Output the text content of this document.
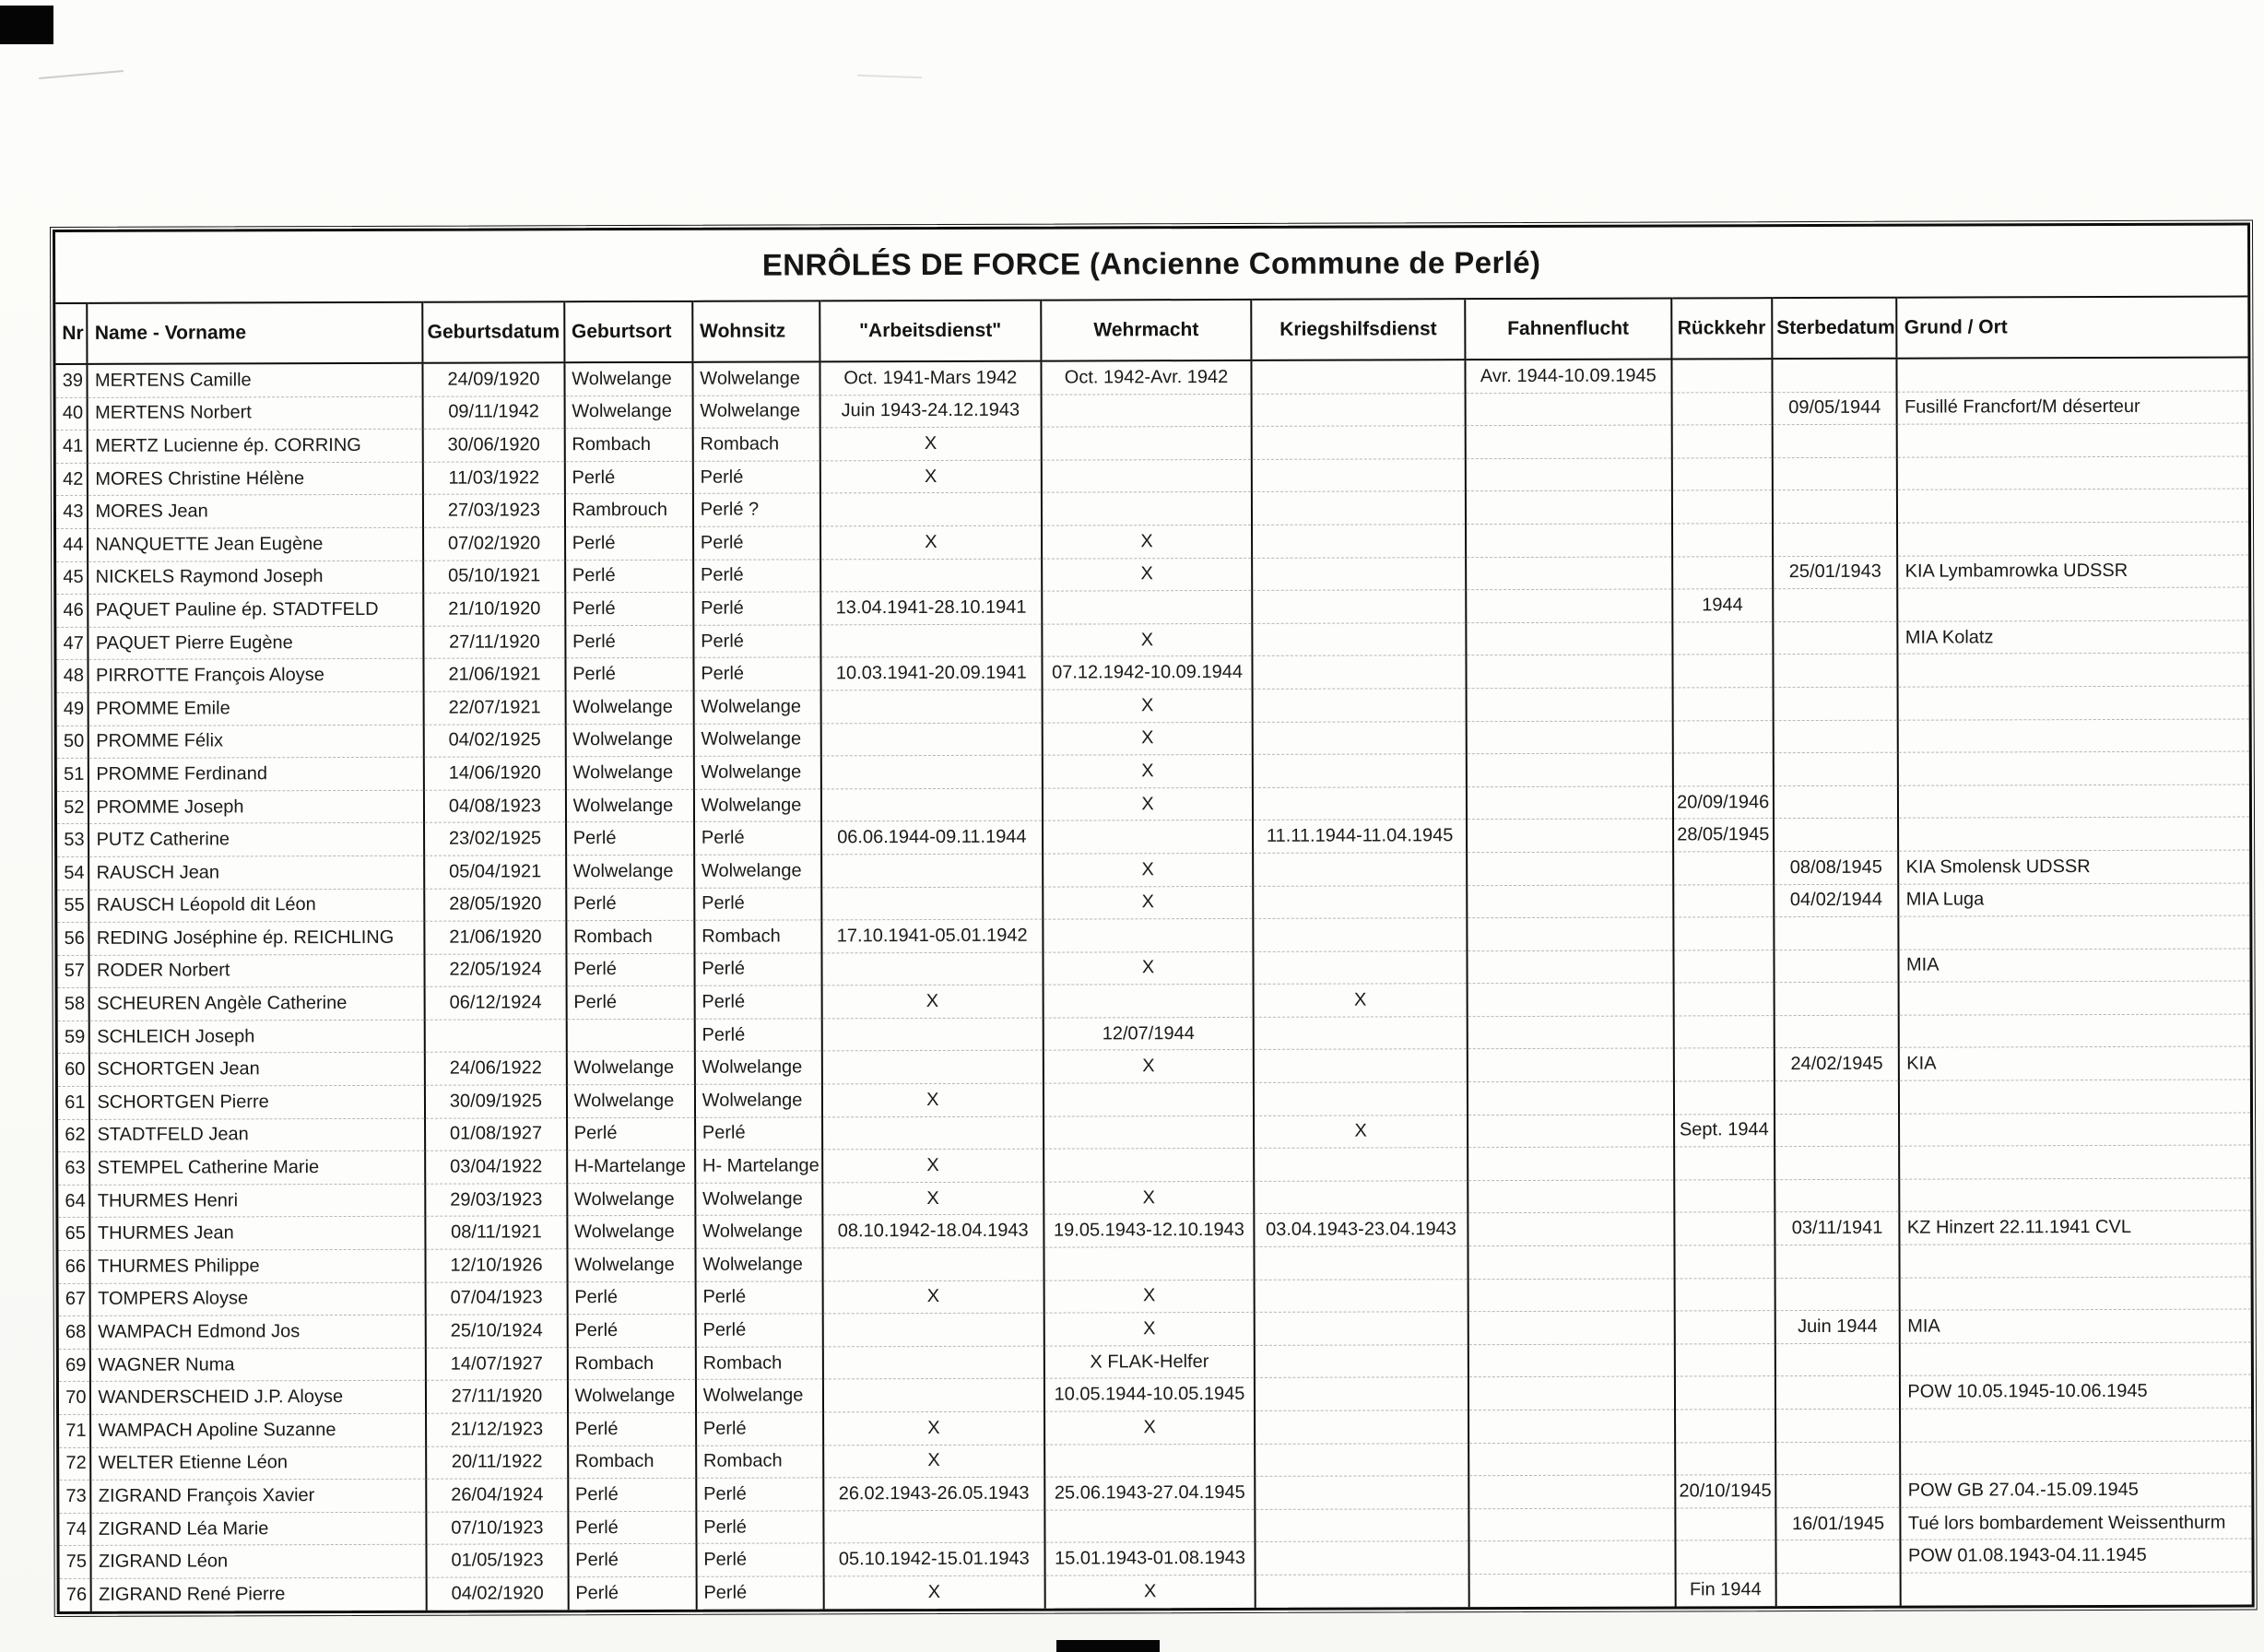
ENRÔLÉS DE FORCE (Ancienne Commune de Perlé)
Nr	Name - Vorname	Geburtsdatum	Geburtsort	Wohnsitz	"Arbeitsdienst"	Wehrmacht	Kriegshilfsdienst	Fahnenflucht	Rückkehr	Sterbedatum	Grund / Ort
39	MERTENS Camille	24/09/1920	Wolwelange	Wolwelange	Oct. 1941-Mars 1942	Oct. 1942-Avr. 1942		Avr. 1944-10.09.1945			
40	MERTENS Norbert	09/11/1942	Wolwelange	Wolwelange	Juin 1943-24.12.1943					09/05/1944	Fusillé Francfort/M déserteur
41	MERTZ Lucienne ép. CORRING	30/06/1920	Rombach	Rombach	X						
42	MORES Christine Hélène	11/03/1922	Perlé	Perlé	X						
43	MORES Jean	27/03/1923	Rambrouch	Perlé ?							
44	NANQUETTE Jean Eugène	07/02/1920	Perlé	Perlé	X	X					
45	NICKELS Raymond Joseph	05/10/1921	Perlé	Perlé		X				25/01/1943	KIA Lymbamrowka UDSSR
46	PAQUET Pauline ép. STADTFELD	21/10/1920	Perlé	Perlé	13.04.1941-28.10.1941				1944		
47	PAQUET Pierre Eugène	27/11/1920	Perlé	Perlé		X					MIA Kolatz
48	PIRROTTE François Aloyse	21/06/1921	Perlé	Perlé	10.03.1941-20.09.1941	07.12.1942-10.09.1944					
49	PROMME Emile	22/07/1921	Wolwelange	Wolwelange		X					
50	PROMME Félix	04/02/1925	Wolwelange	Wolwelange		X					
51	PROMME Ferdinand	14/06/1920	Wolwelange	Wolwelange		X					
52	PROMME Joseph	04/08/1923	Wolwelange	Wolwelange		X			20/09/1946		
53	PUTZ Catherine	23/02/1925	Perlé	Perlé	06.06.1944-09.11.1944		11.11.1944-11.04.1945		28/05/1945		
54	RAUSCH Jean	05/04/1921	Wolwelange	Wolwelange		X				08/08/1945	KIA Smolensk UDSSR
55	RAUSCH Léopold dit Léon	28/05/1920	Perlé	Perlé		X				04/02/1944	MIA Luga
56	REDING Joséphine ép. REICHLING	21/06/1920	Rombach	Rombach	17.10.1941-05.01.1942						
57	RODER Norbert	22/05/1924	Perlé	Perlé		X					MIA
58	SCHEUREN Angèle Catherine	06/12/1924	Perlé	Perlé	X		X				
59	SCHLEICH Joseph			Perlé		12/07/1944					
60	SCHORTGEN Jean	24/06/1922	Wolwelange	Wolwelange		X				24/02/1945	KIA
61	SCHORTGEN Pierre	30/09/1925	Wolwelange	Wolwelange	X						
62	STADTFELD Jean	01/08/1927	Perlé	Perlé			X		Sept. 1944		
63	STEMPEL Catherine Marie	03/04/1922	H-Martelange	H- Martelange	X						
64	THURMES Henri	29/03/1923	Wolwelange	Wolwelange	X	X					
65	THURMES Jean	08/11/1921	Wolwelange	Wolwelange	08.10.1942-18.04.1943	19.05.1943-12.10.1943	03.04.1943-23.04.1943			03/11/1941	KZ Hinzert 22.11.1941 CVL
66	THURMES Philippe	12/10/1926	Wolwelange	Wolwelange							
67	TOMPERS Aloyse	07/04/1923	Perlé	Perlé	X	X					
68	WAMPACH Edmond Jos	25/10/1924	Perlé	Perlé		X				Juin 1944	MIA
69	WAGNER Numa	14/07/1927	Rombach	Rombach		X FLAK-Helfer					
70	WANDERSCHEID J.P. Aloyse	27/11/1920	Wolwelange	Wolwelange		10.05.1944-10.05.1945					POW 10.05.1945-10.06.1945
71	WAMPACH Apoline Suzanne	21/12/1923	Perlé	Perlé	X	X					
72	WELTER Etienne Léon	20/11/1922	Rombach	Rombach	X						
73	ZIGRAND François Xavier	26/04/1924	Perlé	Perlé	26.02.1943-26.05.1943	25.06.1943-27.04.1945			20/10/1945		POW GB 27.04.-15.09.1945
74	ZIGRAND Léa Marie	07/10/1923	Perlé	Perlé						16/01/1945	Tué lors bombardement Weissenthurm
75	ZIGRAND Léon	01/05/1923	Perlé	Perlé	05.10.1942-15.01.1943	15.01.1943-01.08.1943					POW 01.08.1943-04.11.1945
76	ZIGRAND René Pierre	04/02/1920	Perlé	Perlé	X	X			Fin 1944		
